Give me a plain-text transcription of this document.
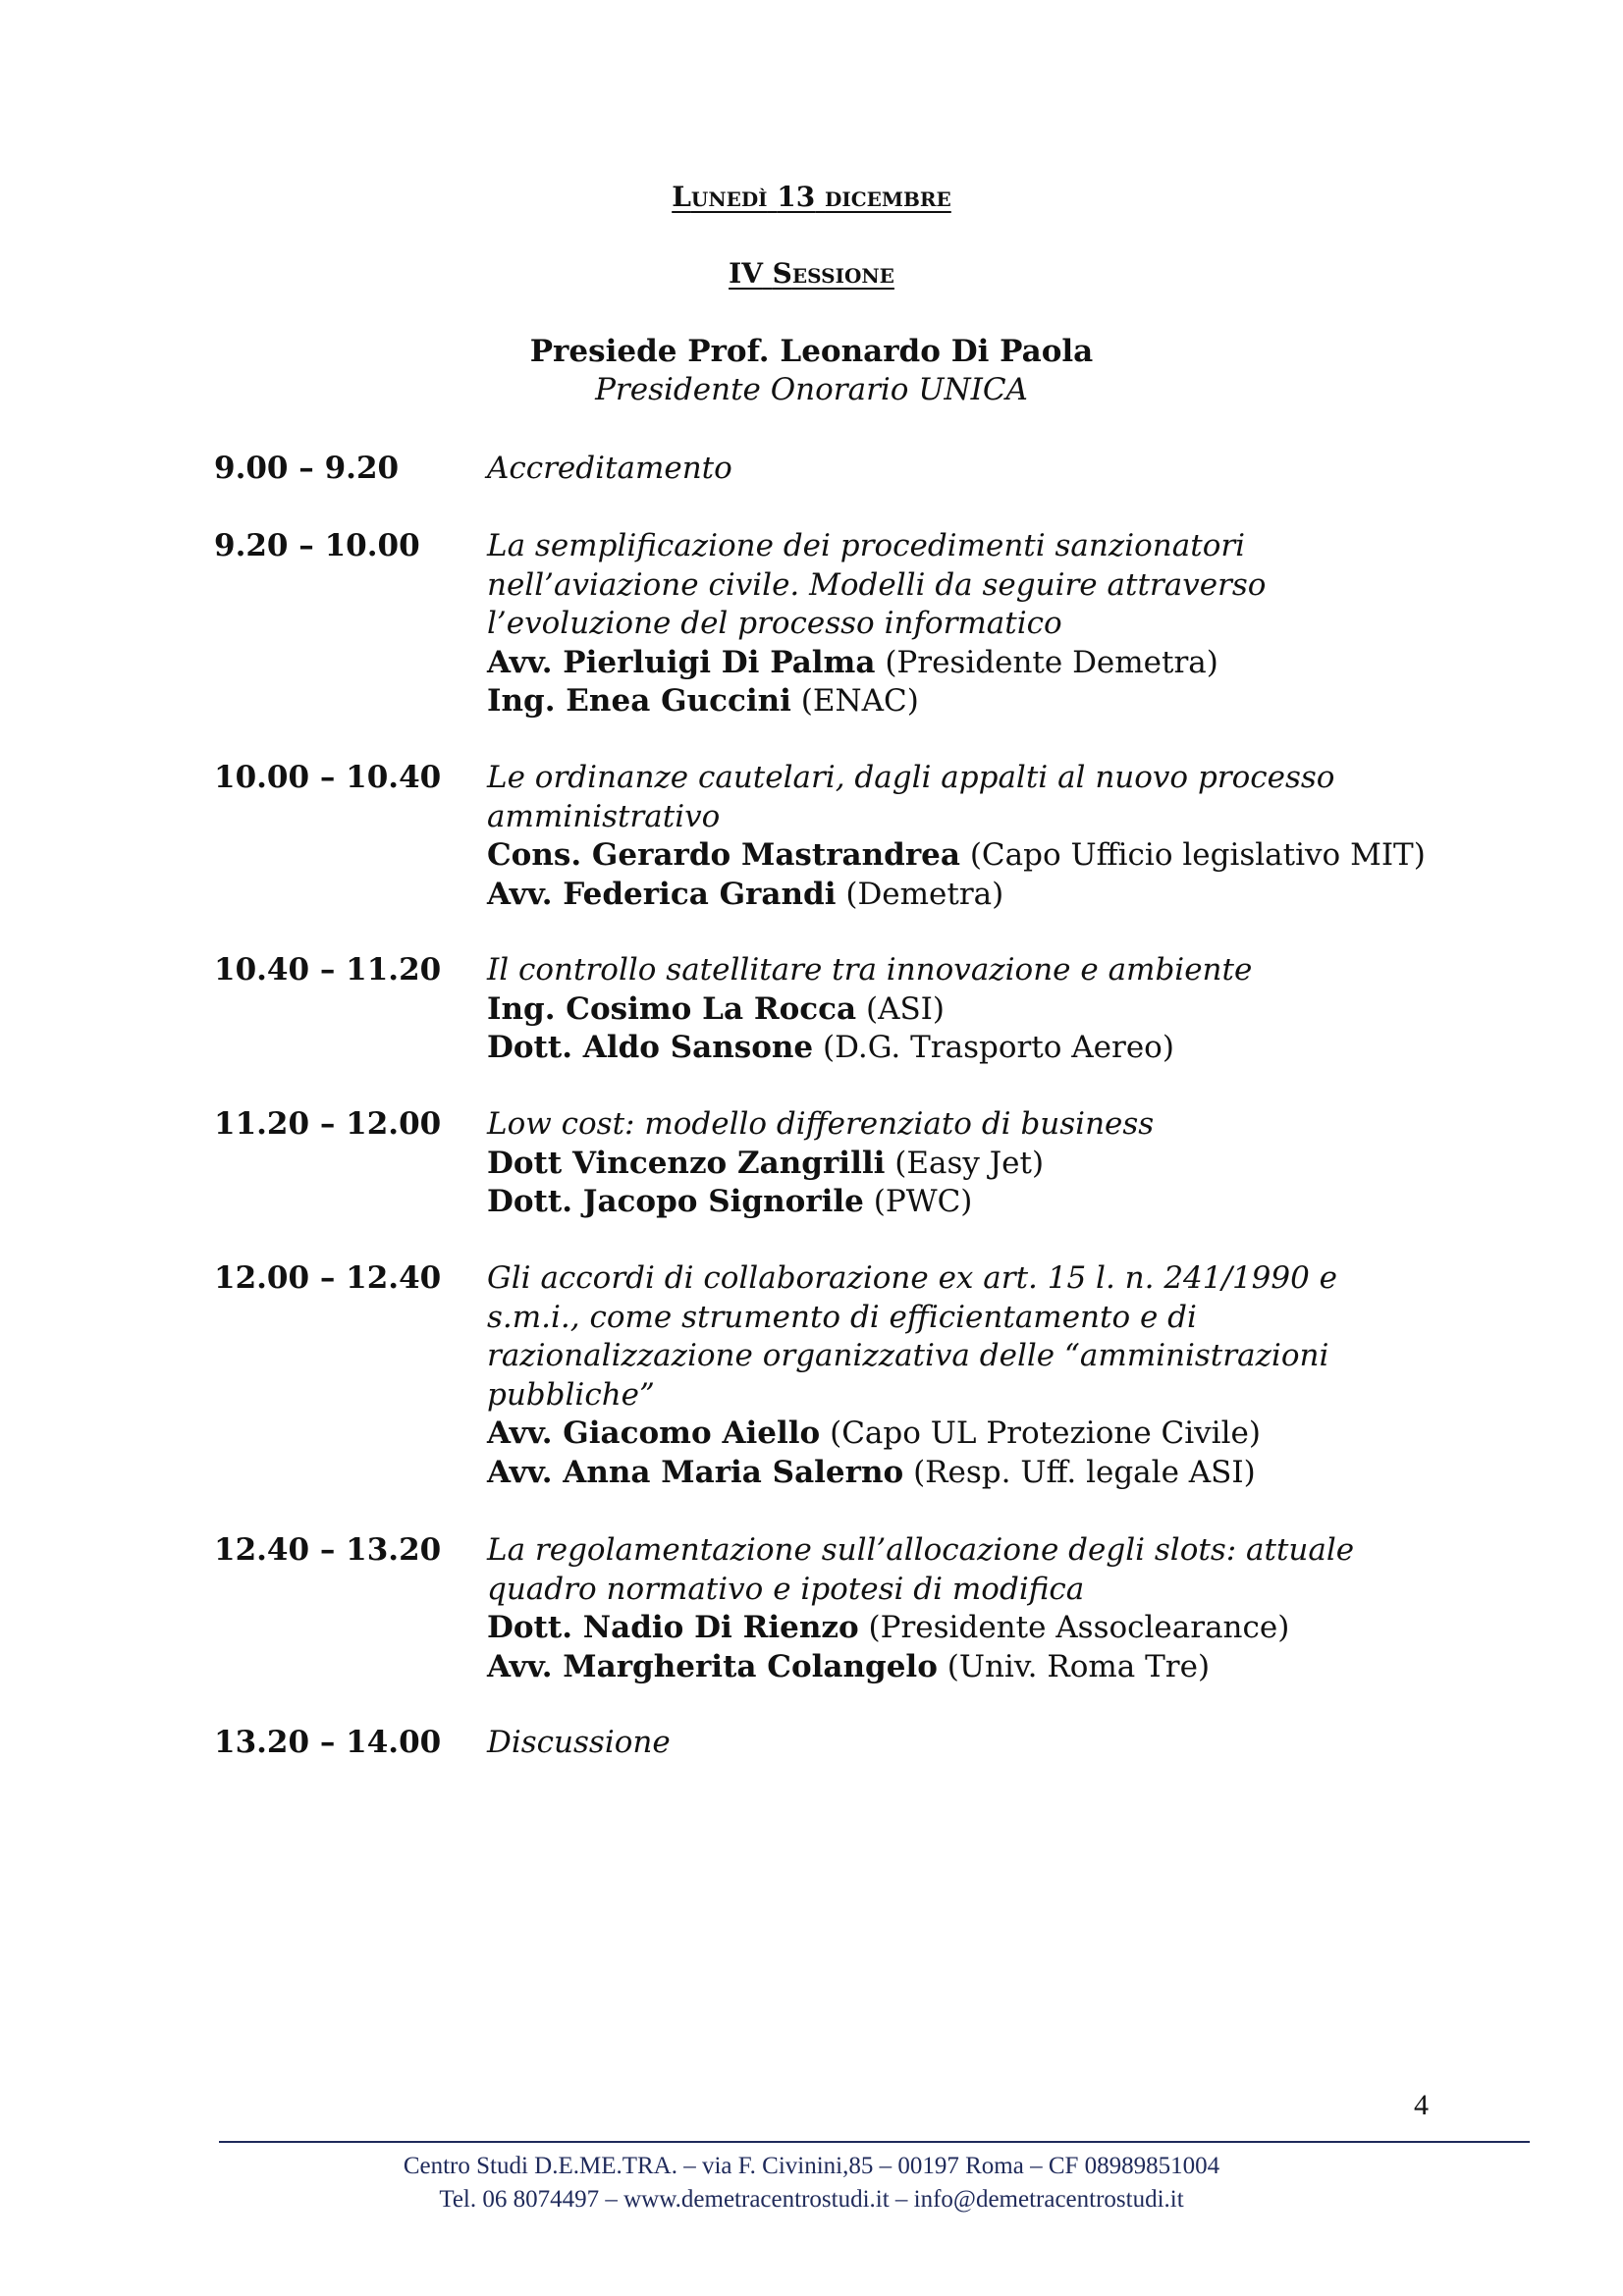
LUNEDÌ 13 DICEMBRE
IV SESSIONE
Presiede Prof. Leonardo Di Paola
Presidente Onorario UNICA
9.00 – 9.20	Accreditamento
9.20 – 10.00 La semplificazione dei procedimenti sanzionatori
nell’aviazione civile. Modelli da seguire attraverso
l’evoluzione del processo informatico
Avv. Pierluigi Di Palma (Presidente Demetra)
Ing. Enea Guccini (ENAC)
10.00 – 10.40 Le ordinanze cautelari, dagli appalti al nuovo processo
amministrativo
Cons. Gerardo Mastrandrea (Capo Ufficio legislativo MIT)
Avv. Federica Grandi (Demetra)
10.40 – 11.20 Il controllo satellitare tra innovazione e ambiente
Ing. Cosimo La Rocca (ASI)
Dott. Aldo Sansone (D.G. Trasporto Aereo)
11.20 – 12.00 Low cost: modello differenziato di business
Dott Vincenzo Zangrilli (Easy Jet)
Dott. Jacopo Signorile (PWC)
12.00 – 12.40 Gli accordi di collaborazione ex art. 15 l. n. 241/1990 e
s.m.i., come strumento di efficientamento e di
razionalizzazione organizzativa delle “amministrazioni
pubbliche”
Avv. Giacomo Aiello (Capo UL Protezione Civile)
Avv. Anna Maria Salerno (Resp. Uff. legale ASI)
12.40 – 13.20 La regolamentazione sull’allocazione degli slots: attuale
quadro normativo e ipotesi di modifica
Dott. Nadio Di Rienzo (Presidente Assoclearance)
Avv. Margherita Colangelo (Univ. Roma Tre)
13.20 – 14.00 Discussione
4
Centro Studi D.E.ME.TRA. – via F. Civinini,85 – 00197 Roma – CF 08989851004
Tel. 06 8074497 – www.demetracentrostudi.it – info@demetracentrostudi.it
